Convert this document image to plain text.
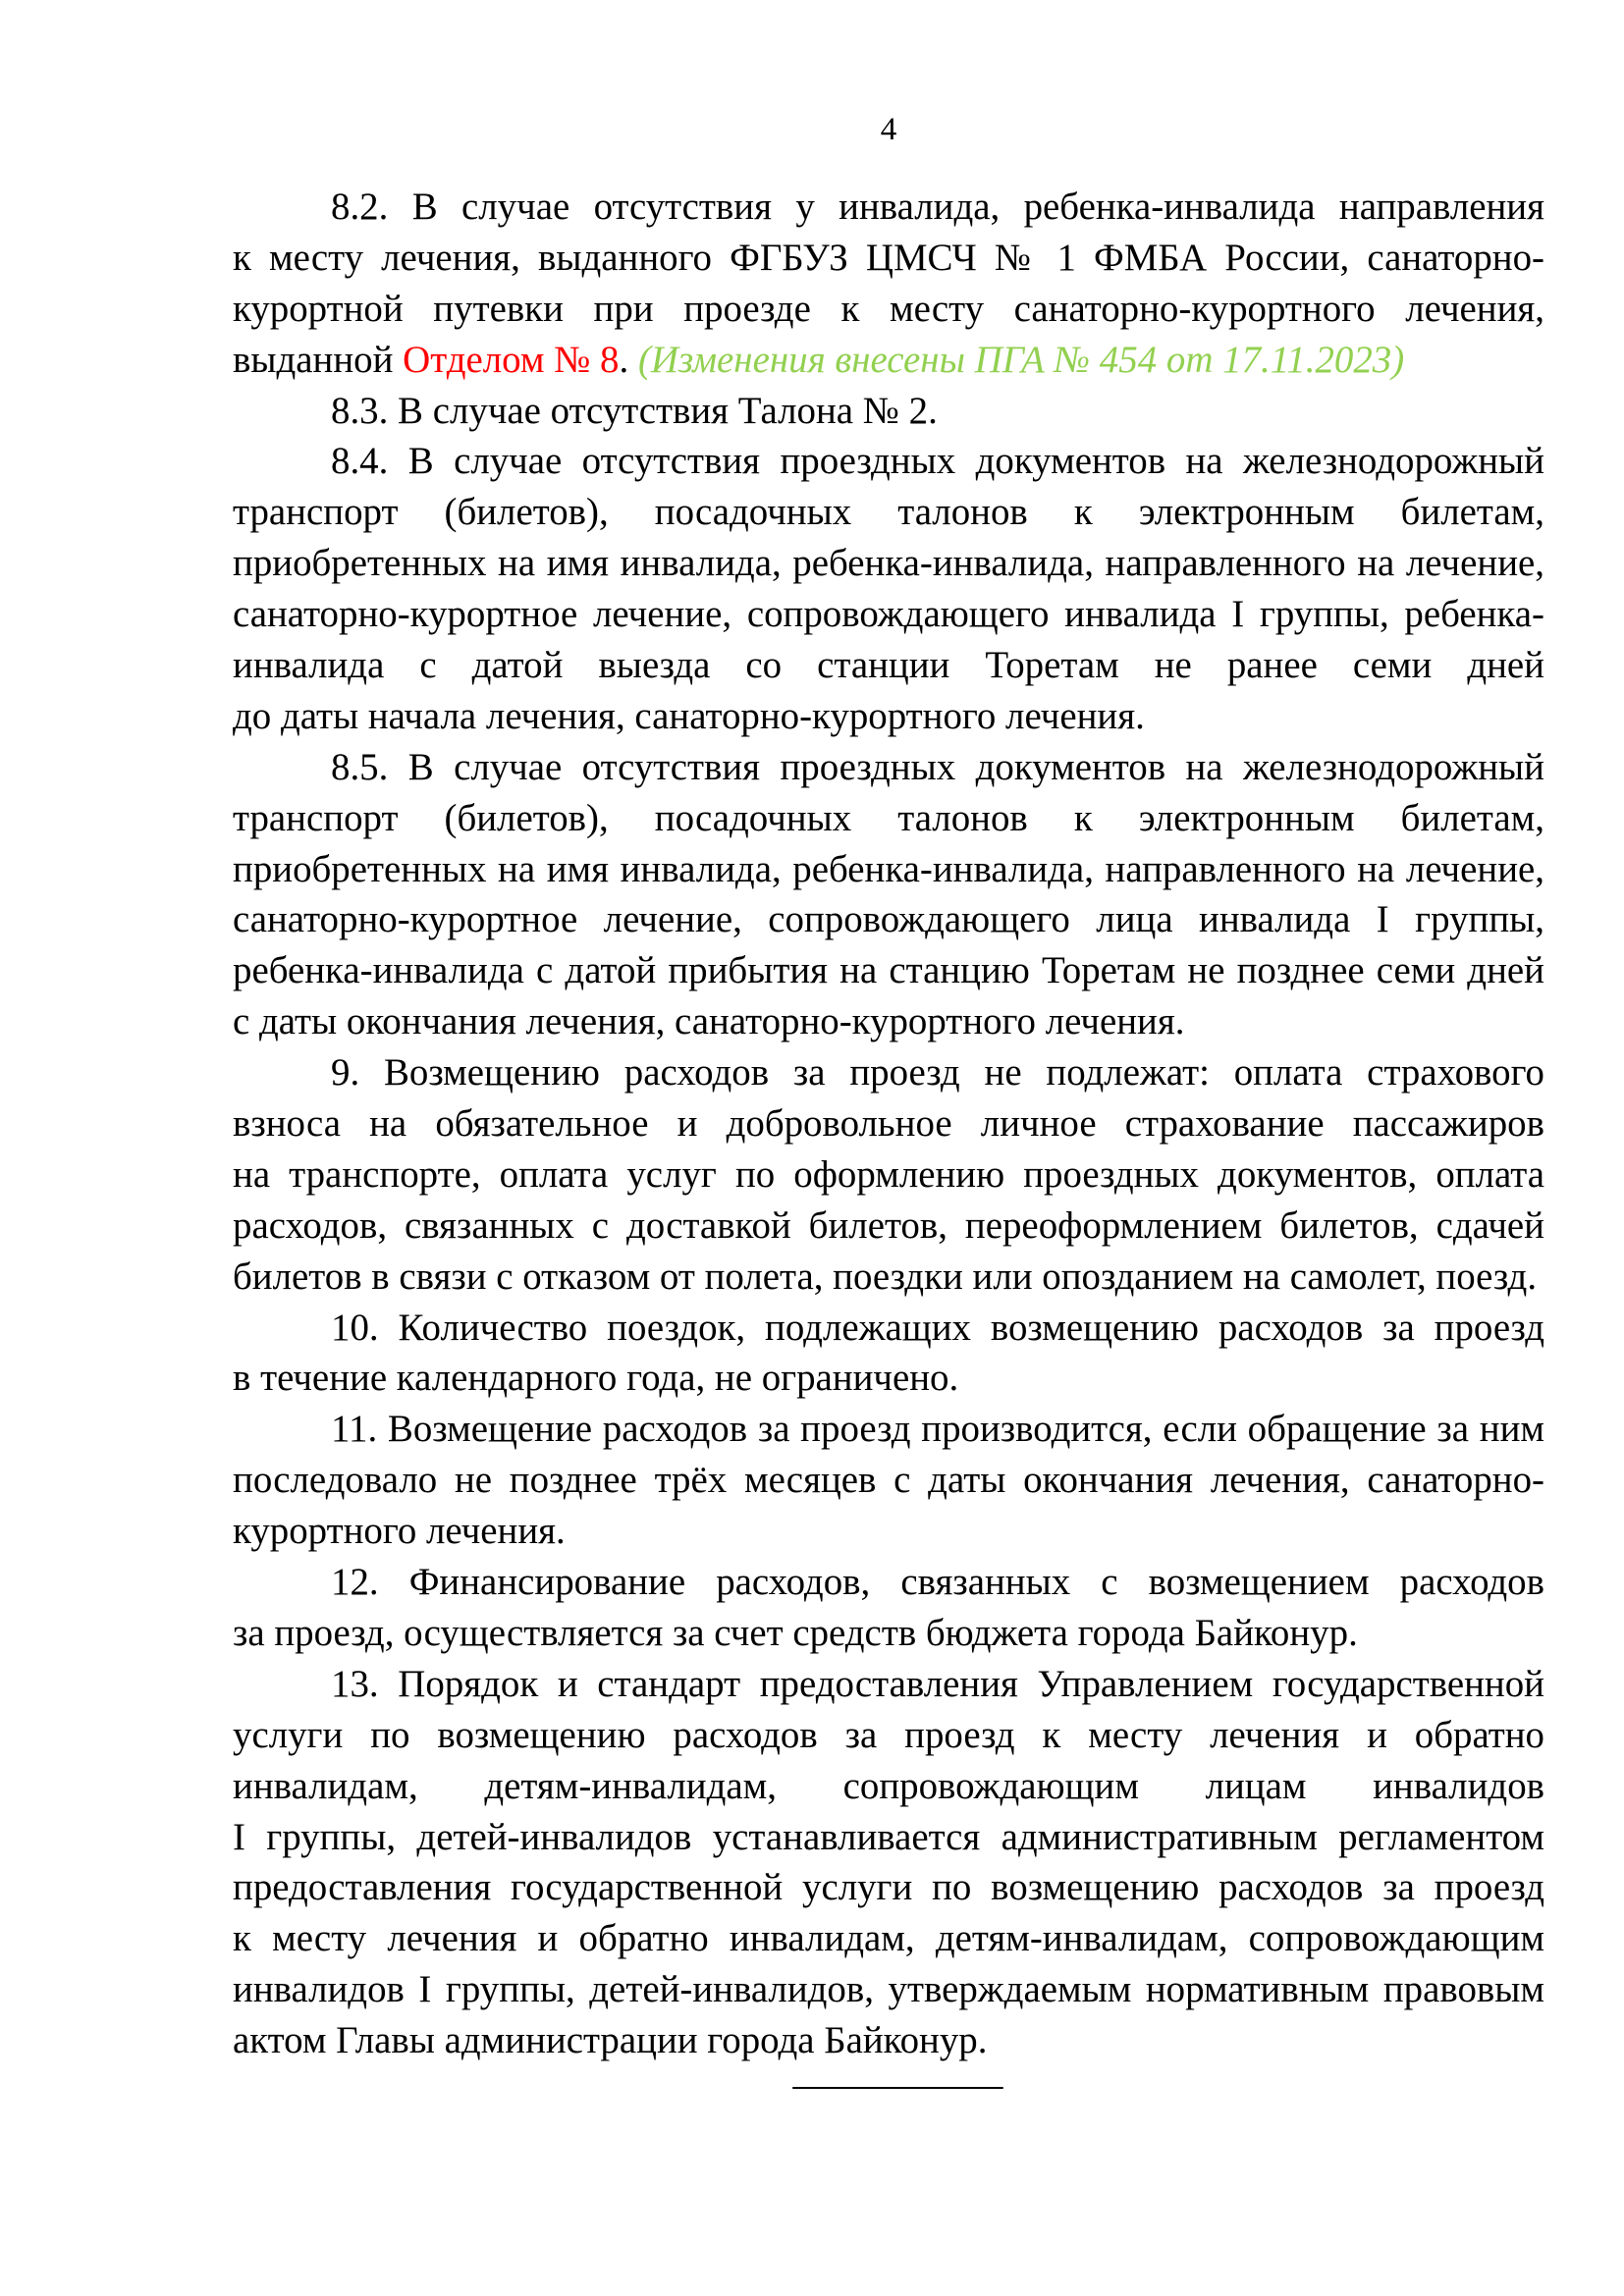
4
8.2. В случае отсутствия у инвалида, ребенка-инвалида направления
к месту лечения, выданного ФГБУЗ ЦМСЧ № 1 ФМБА России, санаторно-
курортной путевки при проезде к месту санаторно-курортного лечения,
выданной Отделом № 8. (Изменения внесены ПГА № 454 от 17.11.2023)
8.3. В случае отсутствия Талона № 2.
8.4. В случае отсутствия проездных документов на железнодорожный
транспорт (билетов), посадочных талонов к электронным билетам,
приобретенных на имя инвалида, ребенка-инвалида, направленного на лечение,
санаторно-курортное лечение, сопровождающего инвалида I группы, ребенка-
инвалида с датой выезда со станции Торетам не ранее семи дней
до даты начала лечения, санаторно-курортного лечения.
8.5. В случае отсутствия проездных документов на железнодорожный
транспорт (билетов), посадочных талонов к электронным билетам,
приобретенных на имя инвалида, ребенка-инвалида, направленного на лечение,
санаторно-курортное лечение, сопровождающего лица инвалида I группы,
ребенка-инвалида с датой прибытия на станцию Торетам не позднее семи дней
с даты окончания лечения, санаторно-курортного лечения.
9. Возмещению расходов за проезд не подлежат: оплата страхового
взноса на обязательное и добровольное личное страхование пассажиров
на транспорте, оплата услуг по оформлению проездных документов, оплата
расходов, связанных с доставкой билетов, переоформлением билетов, сдачей
билетов в связи с отказом от полета, поездки или опозданием на самолет, поезд.
10. Количество поездок, подлежащих возмещению расходов за проезд
в течение календарного года, не ограничено.
11. Возмещение расходов за проезд производится, если обращение за ним
последовало не позднее трёх месяцев с даты окончания лечения, санаторно-
курортного лечения.
12. Финансирование расходов, связанных с возмещением расходов
за проезд, осуществляется за счет средств бюджета города Байконур.
13. Порядок и стандарт предоставления Управлением государственной
услуги по возмещению расходов за проезд к месту лечения и обратно
инвалидам, детям-инвалидам, сопровождающим лицам инвалидов
I группы, детей-инвалидов устанавливается административным регламентом
предоставления государственной услуги по возмещению расходов за проезд
к месту лечения и обратно инвалидам, детям-инвалидам, сопровождающим
инвалидов I группы, детей-инвалидов, утверждаемым нормативным правовым
актом Главы администрации города Байконур.
___________
